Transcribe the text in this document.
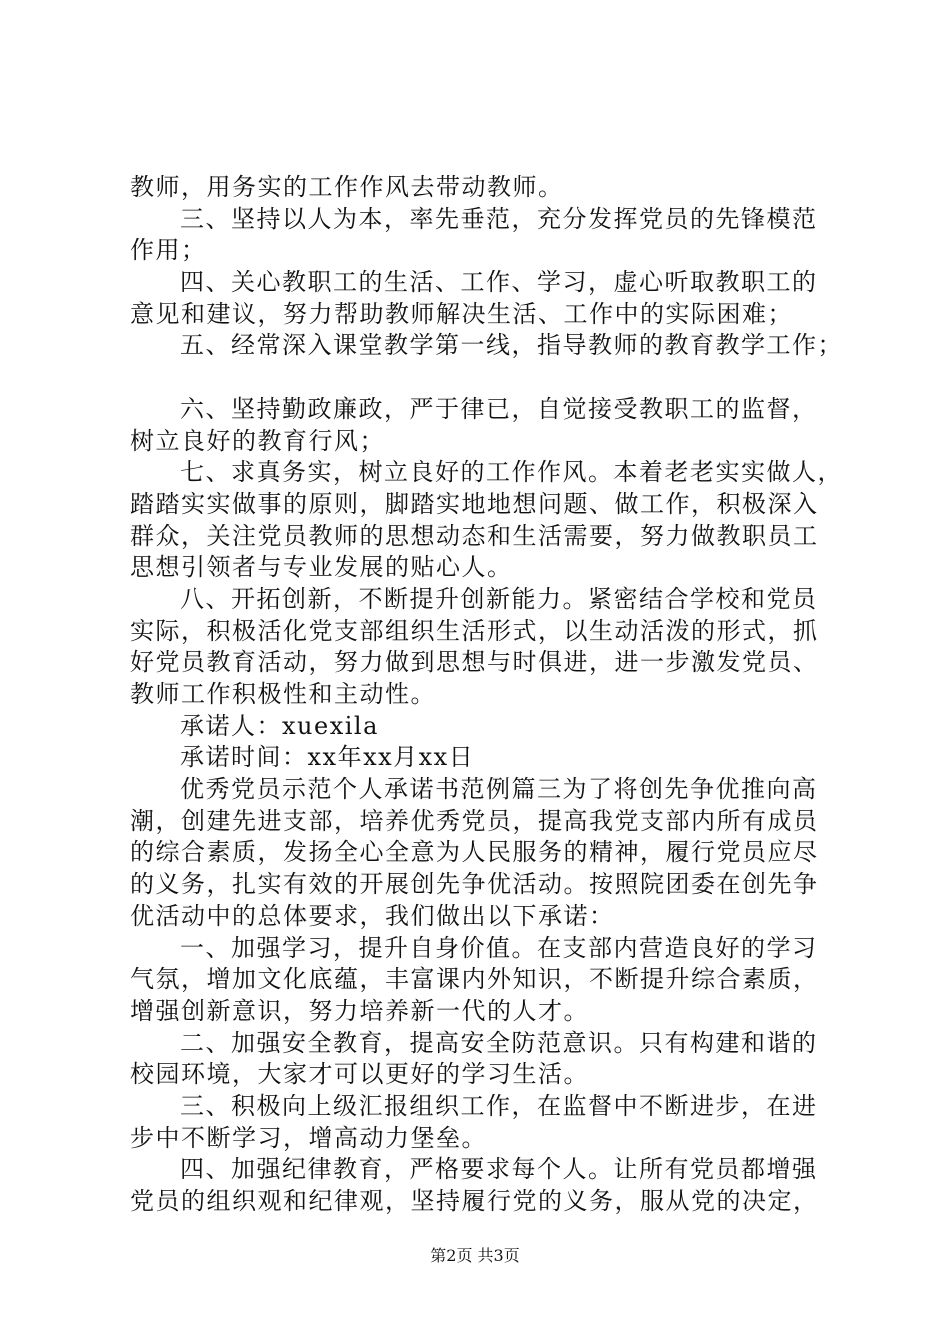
教师，用务实的工作作风去带动教师。
三、坚持以人为本，率先垂范，充分发挥党员的先锋模范
作用；
四、关心教职工的生活、工作、学习，虚心听取教职工的
意见和建议，努力帮助教师解决生活、工作中的实际困难；
五、经常深入课堂教学第一线，指导教师的教育教学工作；
六、坚持勤政廉政，严于律已，自觉接受教职工的监督，
树立良好的教育行风；
七、求真务实，树立良好的工作作风。本着老老实实做人，
踏踏实实做事的原则，脚踏实地地想问题、做工作，积极深入
群众，关注党员教师的思想动态和生活需要，努力做教职员工
思想引领者与专业发展的贴心人。
八、开拓创新，不断提升创新能力。紧密结合学校和党员
实际，积极活化党支部组织生活形式，以生动活泼的形式，抓
好党员教育活动，努力做到思想与时俱进，进一步激发党员、
教师工作积极性和主动性。
承诺人：xuexila
承诺时间：xx年xx月xx日
优秀党员示范个人承诺书范例篇三为了将创先争优推向高
潮，创建先进支部，培养优秀党员，提高我党支部内所有成员
的综合素质，发扬全心全意为人民服务的精神，履行党员应尽
的义务，扎实有效的开展创先争优活动。按照院团委在创先争
优活动中的总体要求，我们做出以下承诺：
一、加强学习，提升自身价值。在支部内营造良好的学习
气氛，增加文化底蕴，丰富课内外知识，不断提升综合素质，
增强创新意识，努力培养新一代的人才。
二、加强安全教育，提高安全防范意识。只有构建和谐的
校园环境，大家才可以更好的学习生活。
三、积极向上级汇报组织工作，在监督中不断进步，在进
步中不断学习，增高动力堡垒。
四、加强纪律教育，严格要求每个人。让所有党员都增强
党员的组织观和纪律观，坚持履行党的义务，服从党的决定，
第2页 共3页
